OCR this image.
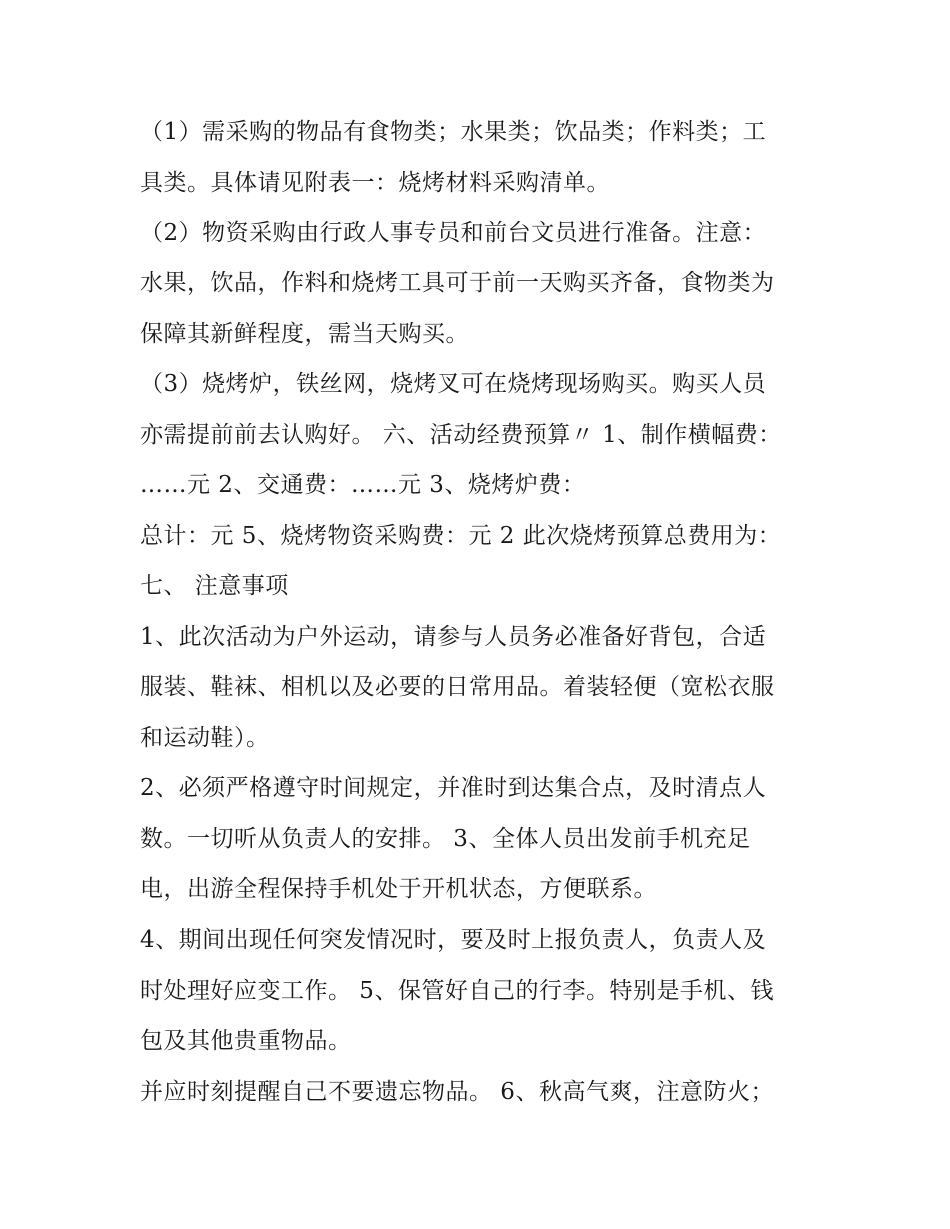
（1）需采购的物品有食物类；水果类；饮品类；作料类；工
具类。具体请见附表一：烧烤材料采购清单。
（2）物资采购由行政人事专员和前台文员进行准备。注意：
水果，饮品，作料和烧烤工具可于前一天购买齐备，食物类为
保障其新鲜程度，需当天购买。
（3）烧烤炉，铁丝网，烧烤叉可在烧烤现场购买。购买人员
亦需提前前去认购好。 六、活动经费预算〃 1、制作横幅费：
……元 2、交通费：……元 3、烧烤炉费：
总计：元 5、烧烤物资采购费：元 2 此次烧烤预算总费用为：
七、 注意事项
1、此次活动为户外运动，请参与人员务必准备好背包，合适
服装、鞋袜、相机以及必要的日常用品。着装轻便（宽松衣服
和运动鞋）。
2、必须严格遵守时间规定，并准时到达集合点，及时清点人
数。一切听从负责人的安排。 3、全体人员出发前手机充足
电，出游全程保持手机处于开机状态，方便联系。
4、期间出现任何突发情况时，要及时上报负责人，负责人及
时处理好应变工作。 5、保管好自己的行李。特别是手机、钱
包及其他贵重物品。
并应时刻提醒自己不要遗忘物品。 6、秋高气爽，注意防火；
